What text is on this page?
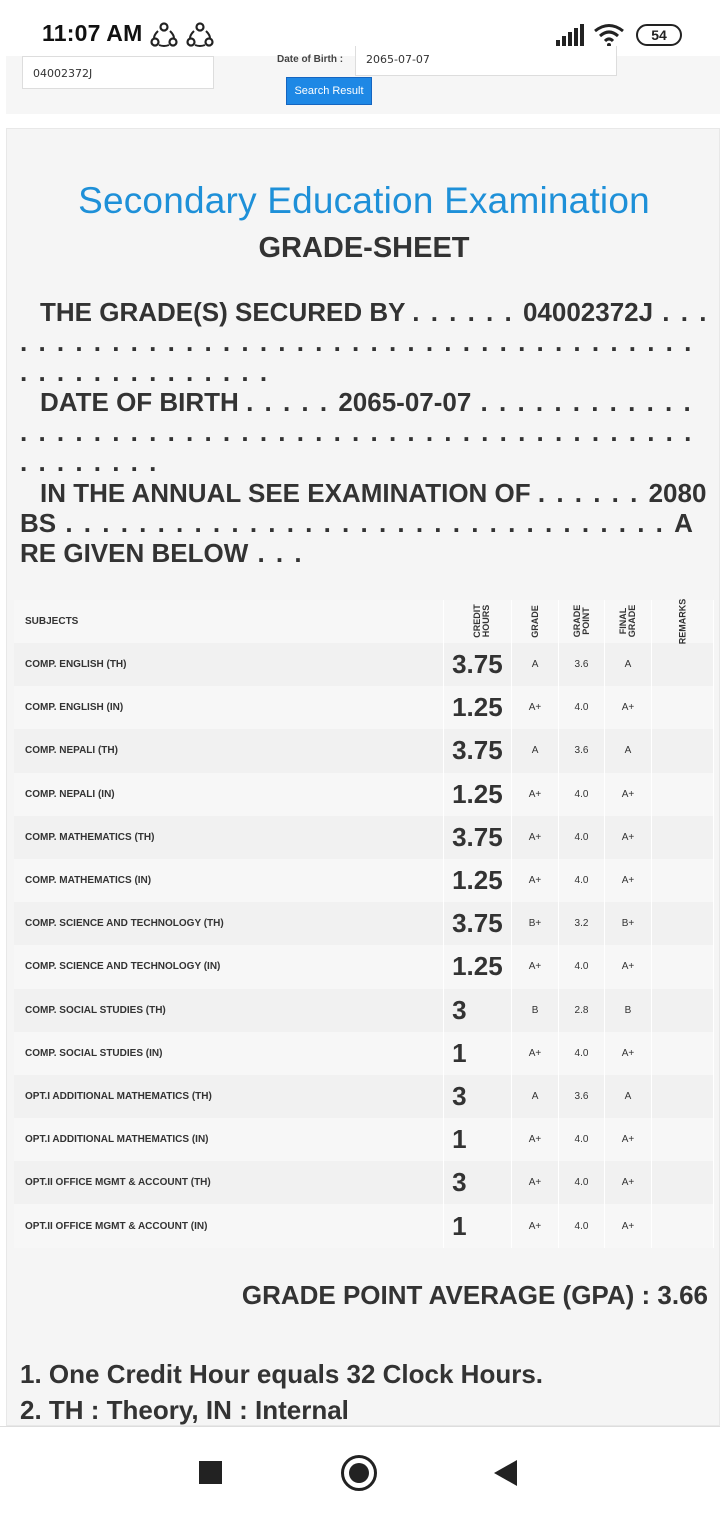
11:07 AM	54
04002372J
Date of Birth :	2065-07-07
Search Result
Secondary Education Examination
GRADE-SHEET
THE GRADE(S) SECURED BY . . . . . . 04002372J . . . . . . . . . . . . . . . . . . . . . . . . . . . . . . . . . . . . . . . . . . . . . . . . . . . . . .
DATE OF BIRTH . . . . . 2065-07-07 . . . . . . . . . . . . . . . . . . . . . . . . . . . . . . . . . . . . . . . . . . . . . . . . . . . . . . . . .
IN THE ANNUAL SEE EXAMINATION OF . . . . . . 2080 BS . . . . . . . . . . . . . . . . . . . . . . . . . . . . . . . . . ARE GIVEN BELOW . . .
SUBJECTS	CREDIT HOURS	GRADE	GRADE POINT	FINAL GRADE	REMARKS
COMP. ENGLISH (TH)	3.75	A	3.6	A	
COMP. ENGLISH (IN)	1.25	A+	4.0	A+	
COMP. NEPALI (TH)	3.75	A	3.6	A	
COMP. NEPALI (IN)	1.25	A+	4.0	A+	
COMP. MATHEMATICS (TH)	3.75	A+	4.0	A+	
COMP. MATHEMATICS (IN)	1.25	A+	4.0	A+	
COMP. SCIENCE AND TECHNOLOGY (TH)	3.75	B+	3.2	B+	
COMP. SCIENCE AND TECHNOLOGY (IN)	1.25	A+	4.0	A+	
COMP. SOCIAL STUDIES (TH)	3	B	2.8	B	
COMP. SOCIAL STUDIES (IN)	1	A+	4.0	A+	
OPT.I ADDITIONAL MATHEMATICS (TH)	3	A	3.6	A	
OPT.I ADDITIONAL MATHEMATICS (IN)	1	A+	4.0	A+	
OPT.II OFFICE MGMT & ACCOUNT (TH)	3	A+	4.0	A+	
OPT.II OFFICE MGMT & ACCOUNT (IN)	1	A+	4.0	A+	
GRADE POINT AVERAGE (GPA) : 3.66
1. One Credit Hour equals 32 Clock Hours.
2. TH : Theory, IN : Internal
